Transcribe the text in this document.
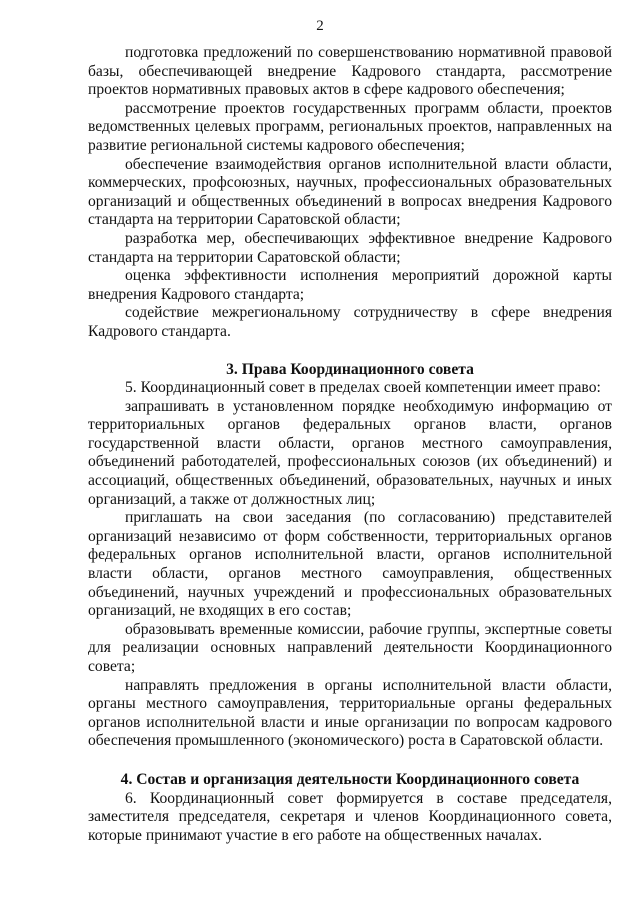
2

подготовка предложений по совершенствованию нормативной правовой базы, обеспечивающей внедрение Кадрового стандарта, рассмотрение проектов нормативных правовых актов в сфере кадрового обеспечения;

рассмотрение проектов государственных программ области, проектов ведомственных целевых программ, региональных проектов, направленных на развитие региональной системы кадрового обеспечения;

обеспечение взаимодействия органов исполнительной власти области, коммерческих, профсоюзных, научных, профессиональных образовательных организаций и общественных объединений в вопросах внедрения Кадрового стандарта на территории Саратовской области;

разработка мер, обеспечивающих эффективное внедрение Кадрового стандарта на территории Саратовской области;

оценка эффективности исполнения мероприятий дорожной карты внедрения Кадрового стандарта;

содействие межрегиональному сотрудничеству в сфере внедрения Кадрового стандарта.

3. Права Координационного совета

5. Координационный совет в пределах своей компетенции имеет право:

запрашивать в установленном порядке необходимую информацию от территориальных органов федеральных органов власти, органов государственной власти области, органов местного самоуправления, объединений работодателей, профессиональных союзов (их объединений) и ассоциаций, общественных объединений, образовательных, научных и иных организаций, а также от должностных лиц;

приглашать на свои заседания (по согласованию) представителей организаций независимо от форм собственности, территориальных органов федеральных органов исполнительной власти, органов исполнительной власти области, органов местного самоуправления, общественных объединений, научных учреждений и профессиональных образовательных организаций, не входящих в его состав;

образовывать временные комиссии, рабочие группы, экспертные советы для реализации основных направлений деятельности Координационного совета;

направлять предложения в органы исполнительной власти области, органы местного самоуправления, территориальные органы федеральных органов исполнительной власти и иные организации по вопросам кадрового обеспечения промышленного (экономического) роста в Саратовской области.

4. Состав и организация деятельности Координационного совета

6. Координационный совет формируется в составе председателя, заместителя председателя, секретаря и членов Координационного совета, которые принимают участие в его работе на общественных началах.
